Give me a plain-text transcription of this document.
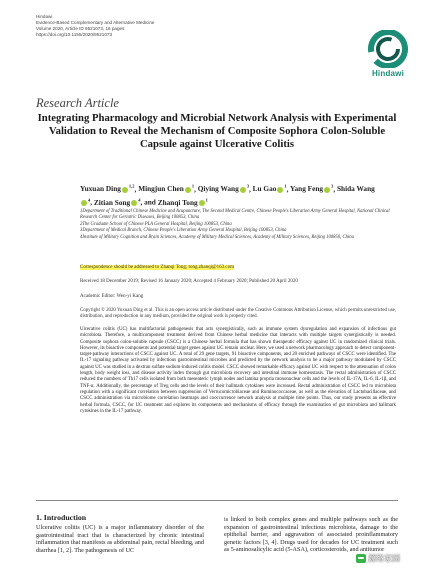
Hindawi
Evidence-Based Complementary and Alternative Medicine
Volume 2020, Article ID 9521073, 16 pages
https://doi.org/10.1155/2020/9521073
Hindawi
Research Article
Integrating Pharmacology and Microbial Network Analysis with Experimental Validation to Reveal the Mechanism of Composite Sophora Colon-Soluble Capsule against Ulcerative Colitis
Yuxuan Ding $^{1,2}$, Mingjun Chen $^1$, Qiying Wang $^3$, Lu Gao $^1$, Yang Feng $^3$, Shida Wang$^4$, Zitian Song $^4$, and Zhanqi Tong $^1$
1Department of Traditional Chinese Medicine and Acupuncture, The Second Medical Centre, Chinese People's Liberation Army General Hospital, National Clinical Research Center for Geriatric Diseases, Beijing 100853, China
2The Graduate School of Chinese PLA General Hospital, Beijing 100853, China
3Department of Medical Branch, Chinese People's Liberation Army General Hospital, Beijing 100853, China
4Institute of Military Cognition and Brain Sciences, Academy of Military Medical Sciences, Academy of Military Sciences, Beijing 100850, China
Correspondence should be addressed to Zhanqi Tong; tong.zhanqi@163.com
Received 18 December 2019; Revised 16 January 2020; Accepted 4 February 2020; Published 20 April 2020
Academic Editor: Wen-yi Kang
Copyright © 2020 Yuxuan Ding et al. This is an open access article distributed under the Creative Commons Attribution License, which permits unrestricted use, distribution, and reproduction in any medium, provided the original work is properly cited.
Ulcerative colitis (UC) has multifactorial pathogenesis that acts synergistically, such as immune system dysregulation and expansion of infectious gut microbiota. Therefore, a multicomponent treatment derived from Chinese herbal medicine that interacts with multiple targets synergistically is needed. Composite sophora colon-soluble capsule (CSCC) is a Chinese herbal formula that has shown therapeutic efficacy against UC in randomized clinical trials. However, its bioactive components and potential target genes against UC remain unclear. Here, we used a network pharmacology approach to detect component-target-pathway interactions of CSCC against UC. A total of 29 gene targets, 91 bioactive components, and 20 enriched pathways of CSCC were identified. The IL-17 signaling pathway activated by infectious gastrointestinal microbes and predicted by the network analysis to be a major pathway modulated by CSCC against UC was studied in a dextran sulfate sodium-induced colitis model. CSCC showed remarkable efficacy against UC with respect to the attenuation of colon length, body weight loss, and disease activity index through gut microbiota recovery and intestinal immune homeostasis. The rectal administration of CSCC reduced the numbers of Th17 cells isolated from both mesenteric lymph nodes and lamina propria mononuclear cells and the levels of IL-17A, IL-6, IL-1β, and TNF-α. Additionally, the percentage of Treg cells and the levels of their hallmark cytokines were increased. Rectal administration of CSCC led to microbiota regulation with a significant correlation between suppression of Verrucomicrobiaceae and Ruminococcaceae, as well as the elevation of Lactobacillaceae, and CSCC administration via microbiome correlation heatmaps and cooccurrence network analysis at multiple time points. Thus, our study presents an effective herbal formula, CSCC, for UC treatment and explores its components and mechanisms of efficacy through the examination of gut microbiota and hallmark cytokines in the IL-17 pathway.
1. Introduction
Ulcerative colitis (UC) is a major inflammatory disorder of the gastrointestinal tract that is characterized by chronic intestinal inflammation that manifests as abdominal pain, rectal bleeding, and diarrhea [1, 2]. The pathogenesis of UC
is linked to both complex genes and multiple pathways such as the expansion of gastrointestinal infectious microbiota, damage to the epithelial barrier, and aggravation of associated proinflammatory genetic factors [3, 4]. Drugs used for decades for UC treatment such as 5-aminosalicylic acid (5-ASA), corticosteroids, and antitumor
源络家园
